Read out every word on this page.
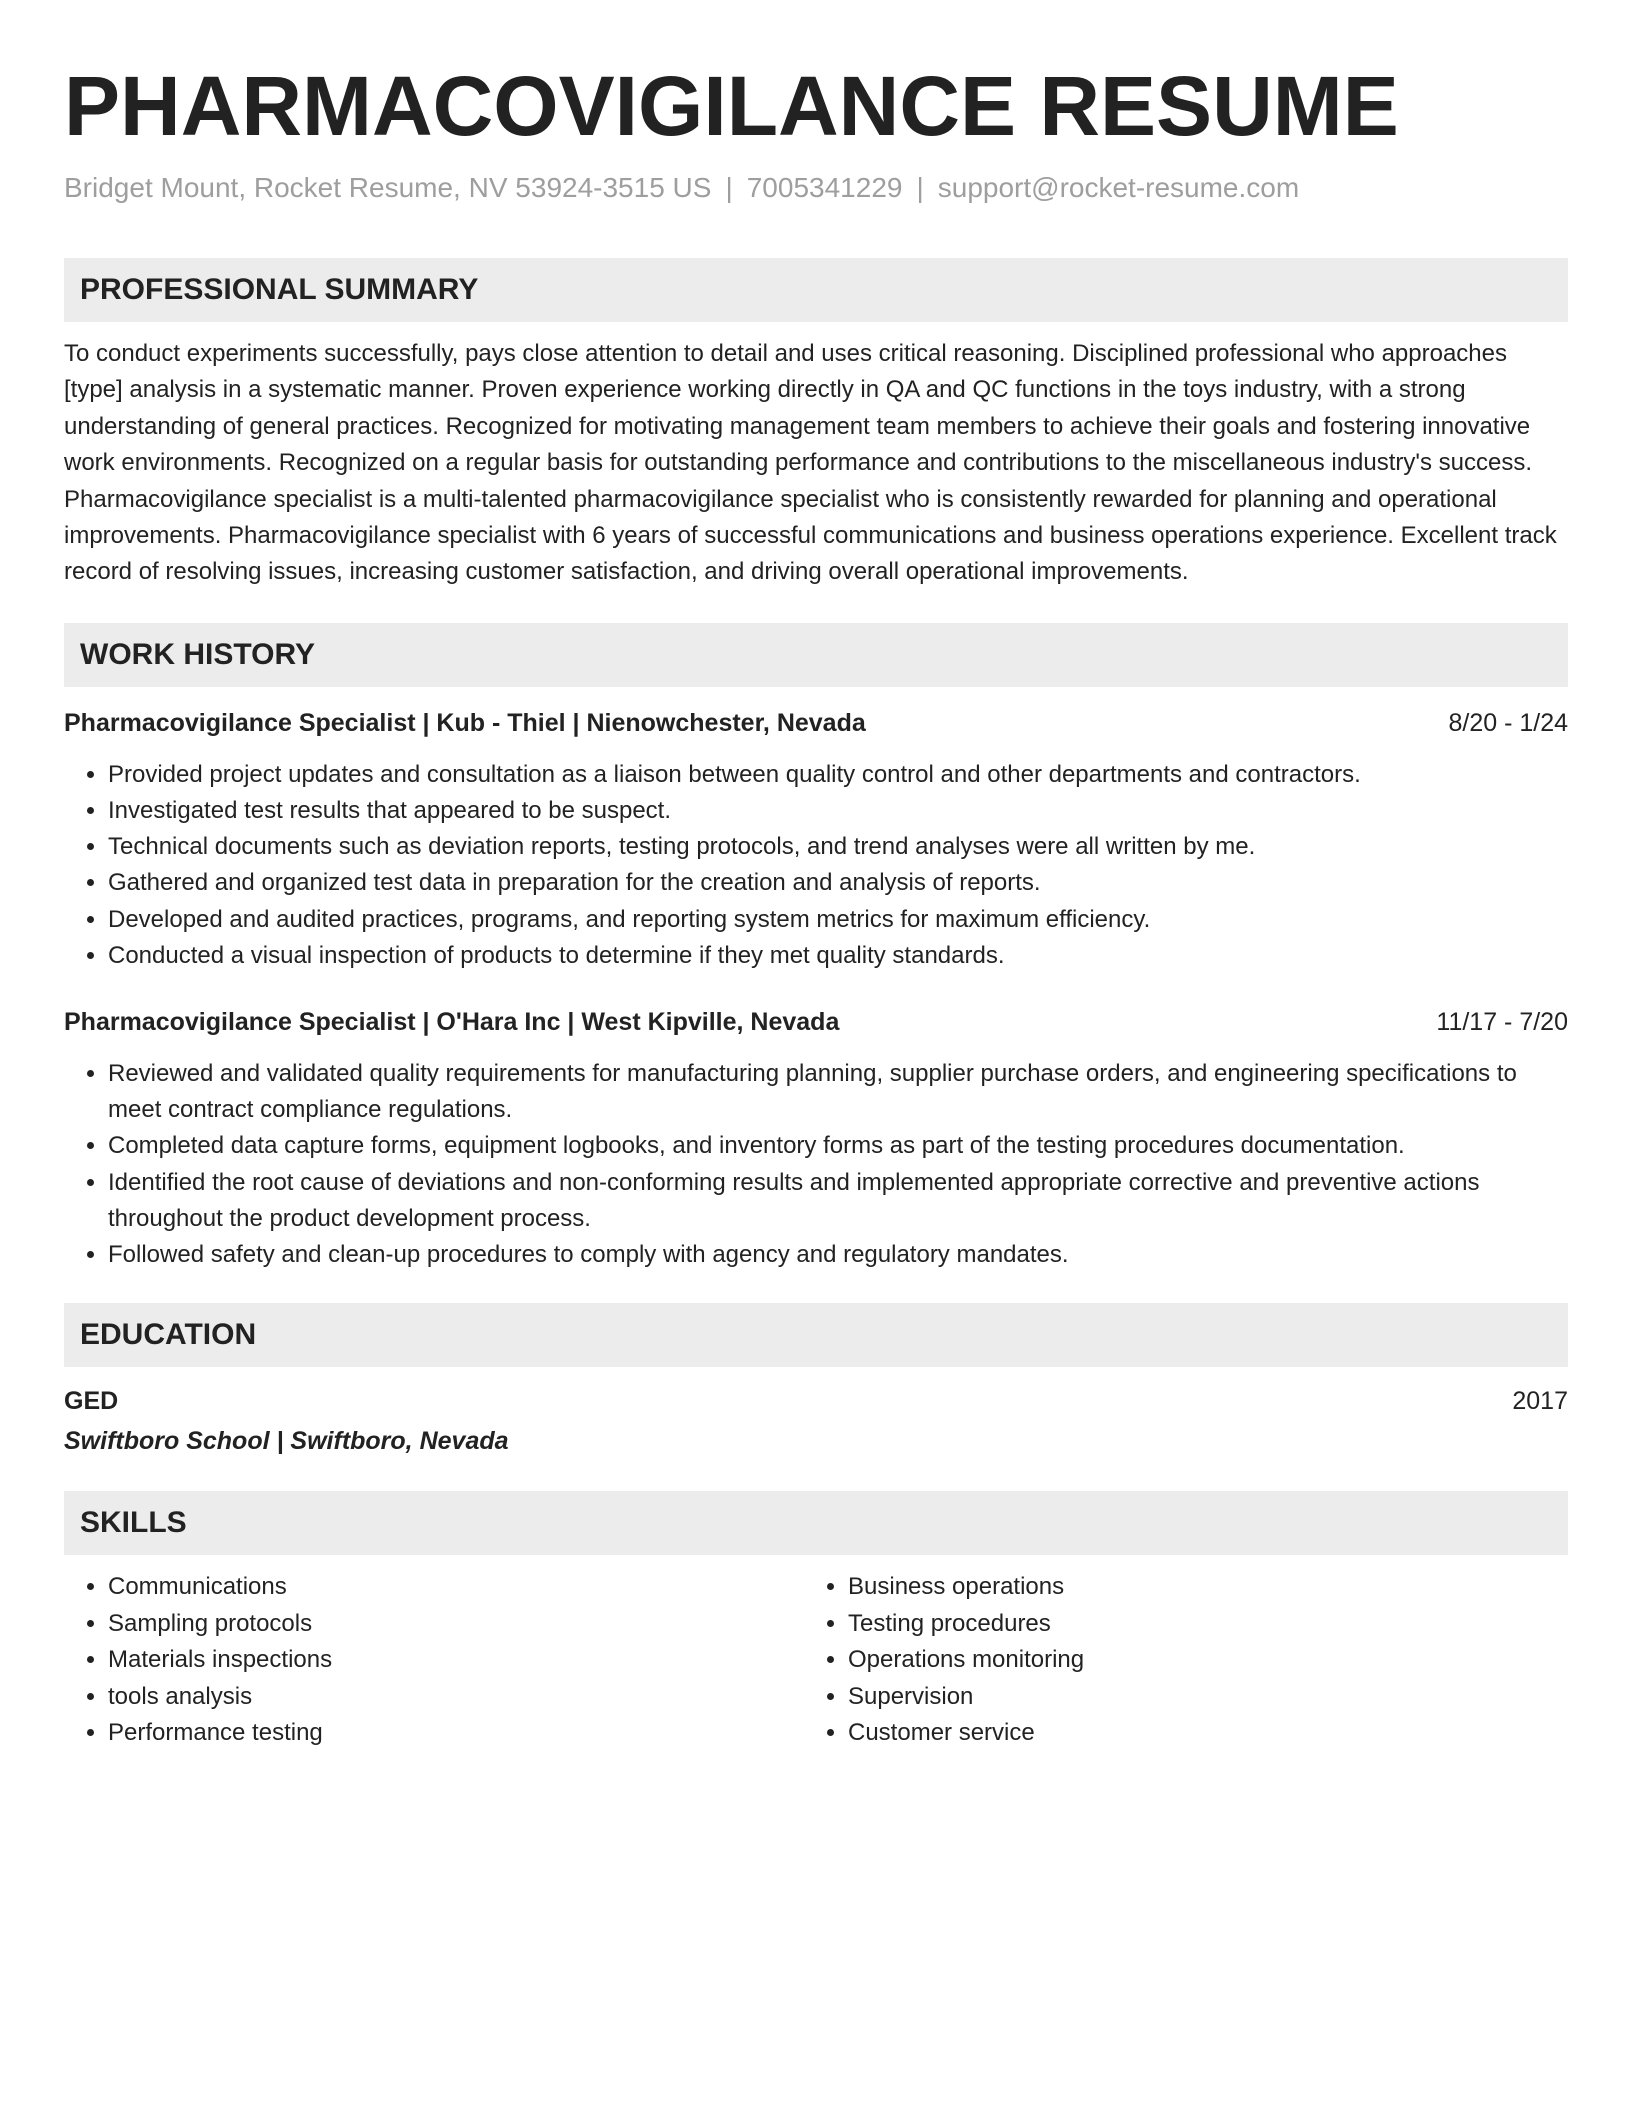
PHARMACOVIGILANCE RESUME
Bridget Mount, Rocket Resume, NV 53924-3515 US | 7005341229 | support@rocket-resume.com
PROFESSIONAL SUMMARY

To conduct experiments successfully, pays close attention to detail and uses critical reasoning. Disciplined professional who approaches [type] analysis in a systematic manner. Proven experience working directly in QA and QC functions in the toys industry, with a strong understanding of general practices. Recognized for motivating management team members to achieve their goals and fostering innovative work environments. Recognized on a regular basis for outstanding performance and contributions to the miscellaneous industry's success. Pharmacovigilance specialist is a multi-talented pharmacovigilance specialist who is consistently rewarded for planning and operational improvements. Pharmacovigilance specialist with 6 years of successful communications and business operations experience. Excellent track record of resolving issues, increasing customer satisfaction, and driving overall operational improvements.

WORK HISTORY
Pharmacovigilance Specialist | Kub - Thiel | Nienowchester, Nevada	8/20 - 1/24
• Provided project updates and consultation as a liaison between quality control and other departments and contractors.
• Investigated test results that appeared to be suspect.
• Technical documents such as deviation reports, testing protocols, and trend analyses were all written by me.
• Gathered and organized test data in preparation for the creation and analysis of reports.
• Developed and audited practices, programs, and reporting system metrics for maximum efficiency.
• Conducted a visual inspection of products to determine if they met quality standards.
Pharmacovigilance Specialist | O'Hara Inc | West Kipville, Nevada	11/17 - 7/20
• Reviewed and validated quality requirements for manufacturing planning, supplier purchase orders, and engineering specifications to meet contract compliance regulations.
• Completed data capture forms, equipment logbooks, and inventory forms as part of the testing procedures documentation.
• Identified the root cause of deviations and non-conforming results and implemented appropriate corrective and preventive actions throughout the product development process.
• Followed safety and clean-up procedures to comply with agency and regulatory mandates.
EDUCATION
GED	2017
Swiftboro School | Swiftboro, Nevada
SKILLS
• Communications
• Sampling protocols
• Materials inspections
• tools analysis
• Performance testing
• Business operations
• Testing procedures
• Operations monitoring
• Supervision
• Customer service
